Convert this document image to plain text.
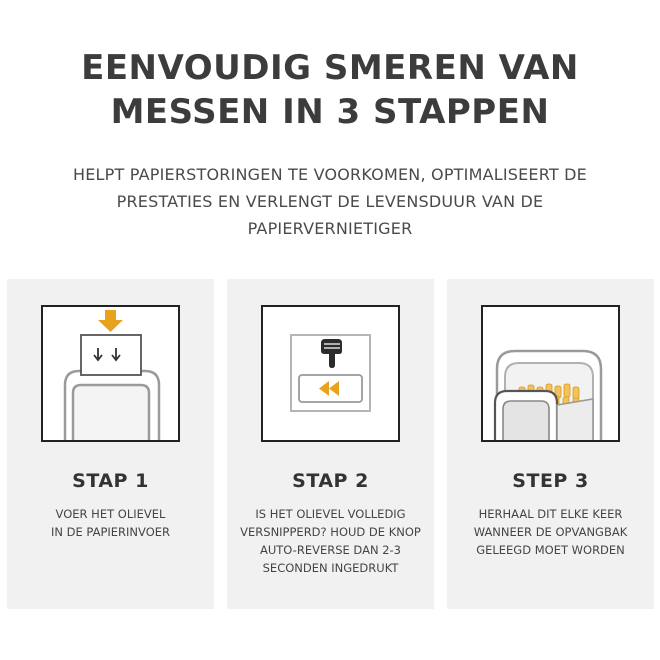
EENVOUDIG SMEREN VAN
MESSEN IN 3 STAPPEN
HELPT PAPIERSTORINGEN TE VOORKOMEN, OPTIMALISEERT DE
PRESTATIES EN VERLENGT DE LEVENSDUUR VAN DE
PAPIERVERNIETIGER
STAP 1
VOER HET OLIEVEL
IN DE PAPIERINVOER
STAP 2
IS HET OLIEVEL VOLLEDIG
VERSNIPPERD? HOUD DE KNOP
AUTO-REVERSE DAN 2-3
SECONDEN INGEDRUKT
STEP 3
HERHAAL DIT ELKE KEER
WANNEER DE OPVANGBAK
GELEEGD MOET WORDEN
